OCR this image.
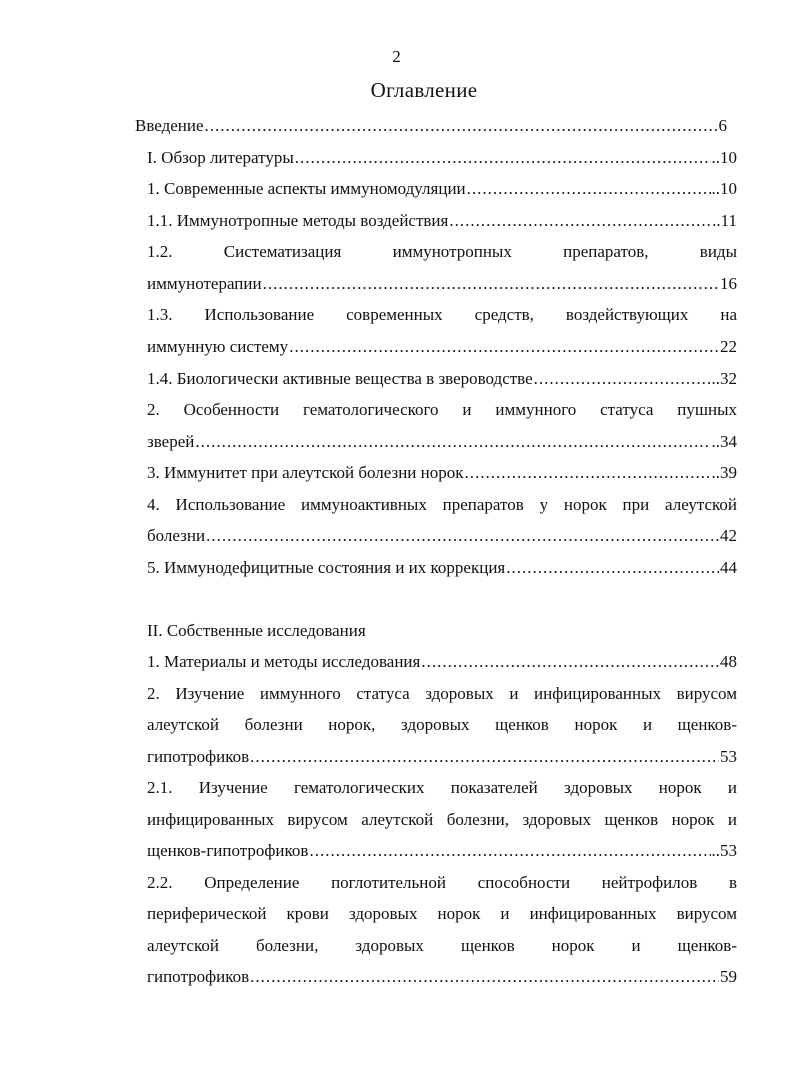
2
Оглавление
Введение .....	6
I. Обзор литературы .....	..10
1. Современные аспекты иммуномодуляции .....	..10
1.1. Иммунотропные методы воздействия .....	..11
1.2. Систематизация иммунотропных препаратов, виды
иммунотерапии .....	16
1.3. Использование современных средств, воздействующих на
иммунную систему .....	22
1.4. Биологически активные вещества в звероводстве .....	..32
2. Особенности гематологического и иммунного статуса пушных
зверей .....	..34
3. Иммунитет при алеутской болезни норок .....	..39
4. Использование иммуноактивных препаратов у норок при алеутской
болезни .....	42
5. Иммунодефицитные состояния и их коррекция .....	44
II. Собственные исследования
1. Материалы и методы исследования .....	48
2. Изучение иммунного статуса здоровых и инфицированных вирусом
алеутской болезни норок, здоровых щенков норок и щенков-
гипотрофиков .....	53
2.1. Изучение гематологических показателей здоровых норок и
инфицированных вирусом алеутской болезни, здоровых щенков норок и
щенков-гипотрофиков .....	..53
2.2. Определение поглотительной способности нейтрофилов в
периферической крови здоровых норок и инфицированных вирусом
алеутской болезни, здоровых щенков норок и щенков-
гипотрофиков .....	59
